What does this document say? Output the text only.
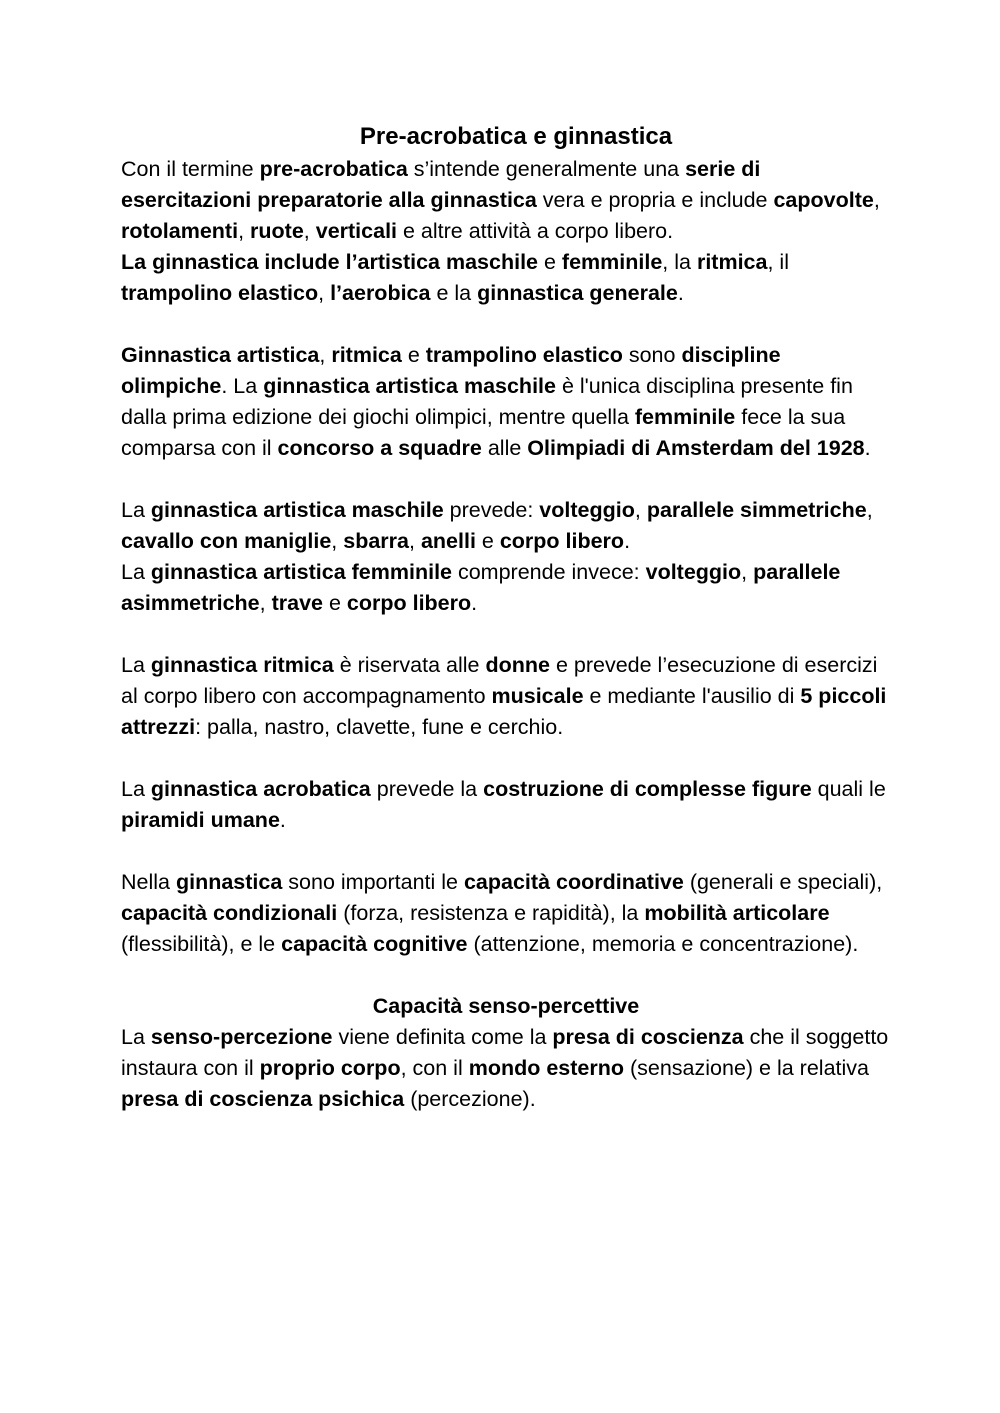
Pre-acrobatica e ginnastica

Con il termine pre-acrobatica s’intende generalmente una serie di esercitazioni preparatorie alla ginnastica vera e propria e include capovolte, rotolamenti, ruote, verticali e altre attività a corpo libero.
La ginnastica include l’artistica maschile e femminile, la ritmica, il trampolino elastico, l’aerobica e la ginnastica generale.

Ginnastica artistica, ritmica e trampolino elastico sono discipline olimpiche. La ginnastica artistica maschile è l'unica disciplina presente fin dalla prima edizione dei giochi olimpici, mentre quella femminile fece la sua comparsa con il concorso a squadre alle Olimpiadi di Amsterdam del 1928.

La ginnastica artistica maschile prevede: volteggio, parallele simmetriche, cavallo con maniglie, sbarra, anelli e corpo libero.
La ginnastica artistica femminile comprende invece: volteggio, parallele asimmetriche, trave e corpo libero.

La ginnastica ritmica è riservata alle donne e prevede l’esecuzione di esercizi al corpo libero con accompagnamento musicale e mediante l'ausilio di 5 piccoli attrezzi: palla, nastro, clavette, fune e cerchio.

La ginnastica acrobatica prevede la costruzione di complesse figure quali le piramidi umane.

Nella ginnastica sono importanti le capacità coordinative (generali e speciali), capacità condizionali (forza, resistenza e rapidità), la mobilità articolare (flessibilità), e le capacità cognitive (attenzione, memoria e concentrazione).

Capacità senso-percettive

La senso-percezione viene definita come la presa di coscienza che il soggetto instaura con il proprio corpo, con il mondo esterno (sensazione) e la relativa presa di coscienza psichica (percezione).
